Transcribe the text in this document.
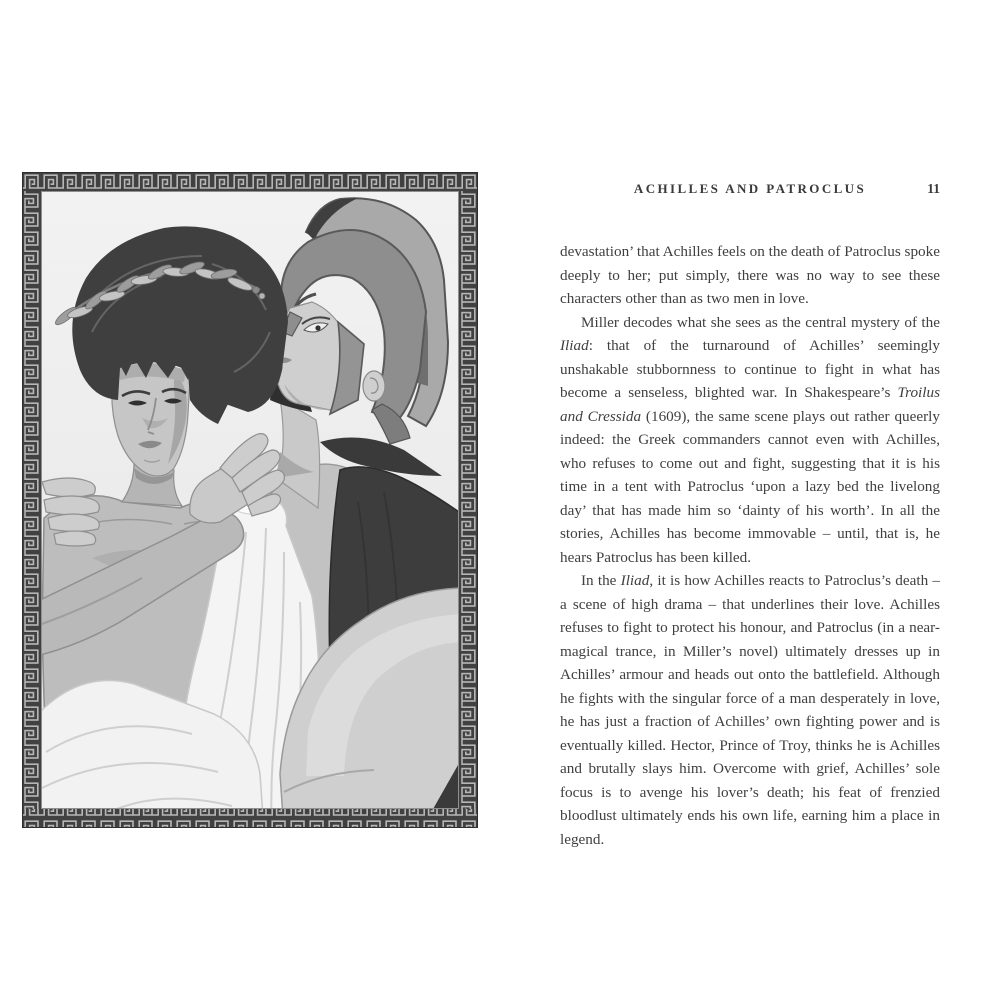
ACHILLES AND PATROCLUS	11

devastation’ that Achilles feels on the death of Patroclus spoke deeply to her; put simply, there was no way to see these characters other than as two men in love.

Miller decodes what she sees as the central mystery of the Iliad: that of the turnaround of Achilles’ seemingly unshakable stubbornness to continue to fight in what has become a senseless, blighted war. In Shakespeare’s Troilus and Cressida (1609), the same scene plays out rather queerly indeed: the Greek commanders cannot even with Achilles, who refuses to come out and fight, suggesting that it is his time in a tent with Patroclus ‘upon a lazy bed the livelong day’ that has made him so ‘dainty of his worth’. In all the stories, Achilles has become immovable – until, that is, he hears Patroclus has been killed.

In the Iliad, it is how Achilles reacts to Patroclus’s death – a scene of high drama – that underlines their love. Achilles refuses to fight to protect his honour, and Patroclus (in a near-magical trance, in Miller’s novel) ultimately dresses up in Achilles’ armour and heads out onto the battlefield. Although he fights with the singular force of a man desperately in love, he has just a fraction of Achilles’ own fighting power and is eventually killed. Hector, Prince of Troy, thinks he is Achilles and brutally slays him. Overcome with grief, Achilles’ sole focus is to avenge his lover’s death; his feat of frenzied bloodlust ultimately ends his own life, earning him a place in legend.
